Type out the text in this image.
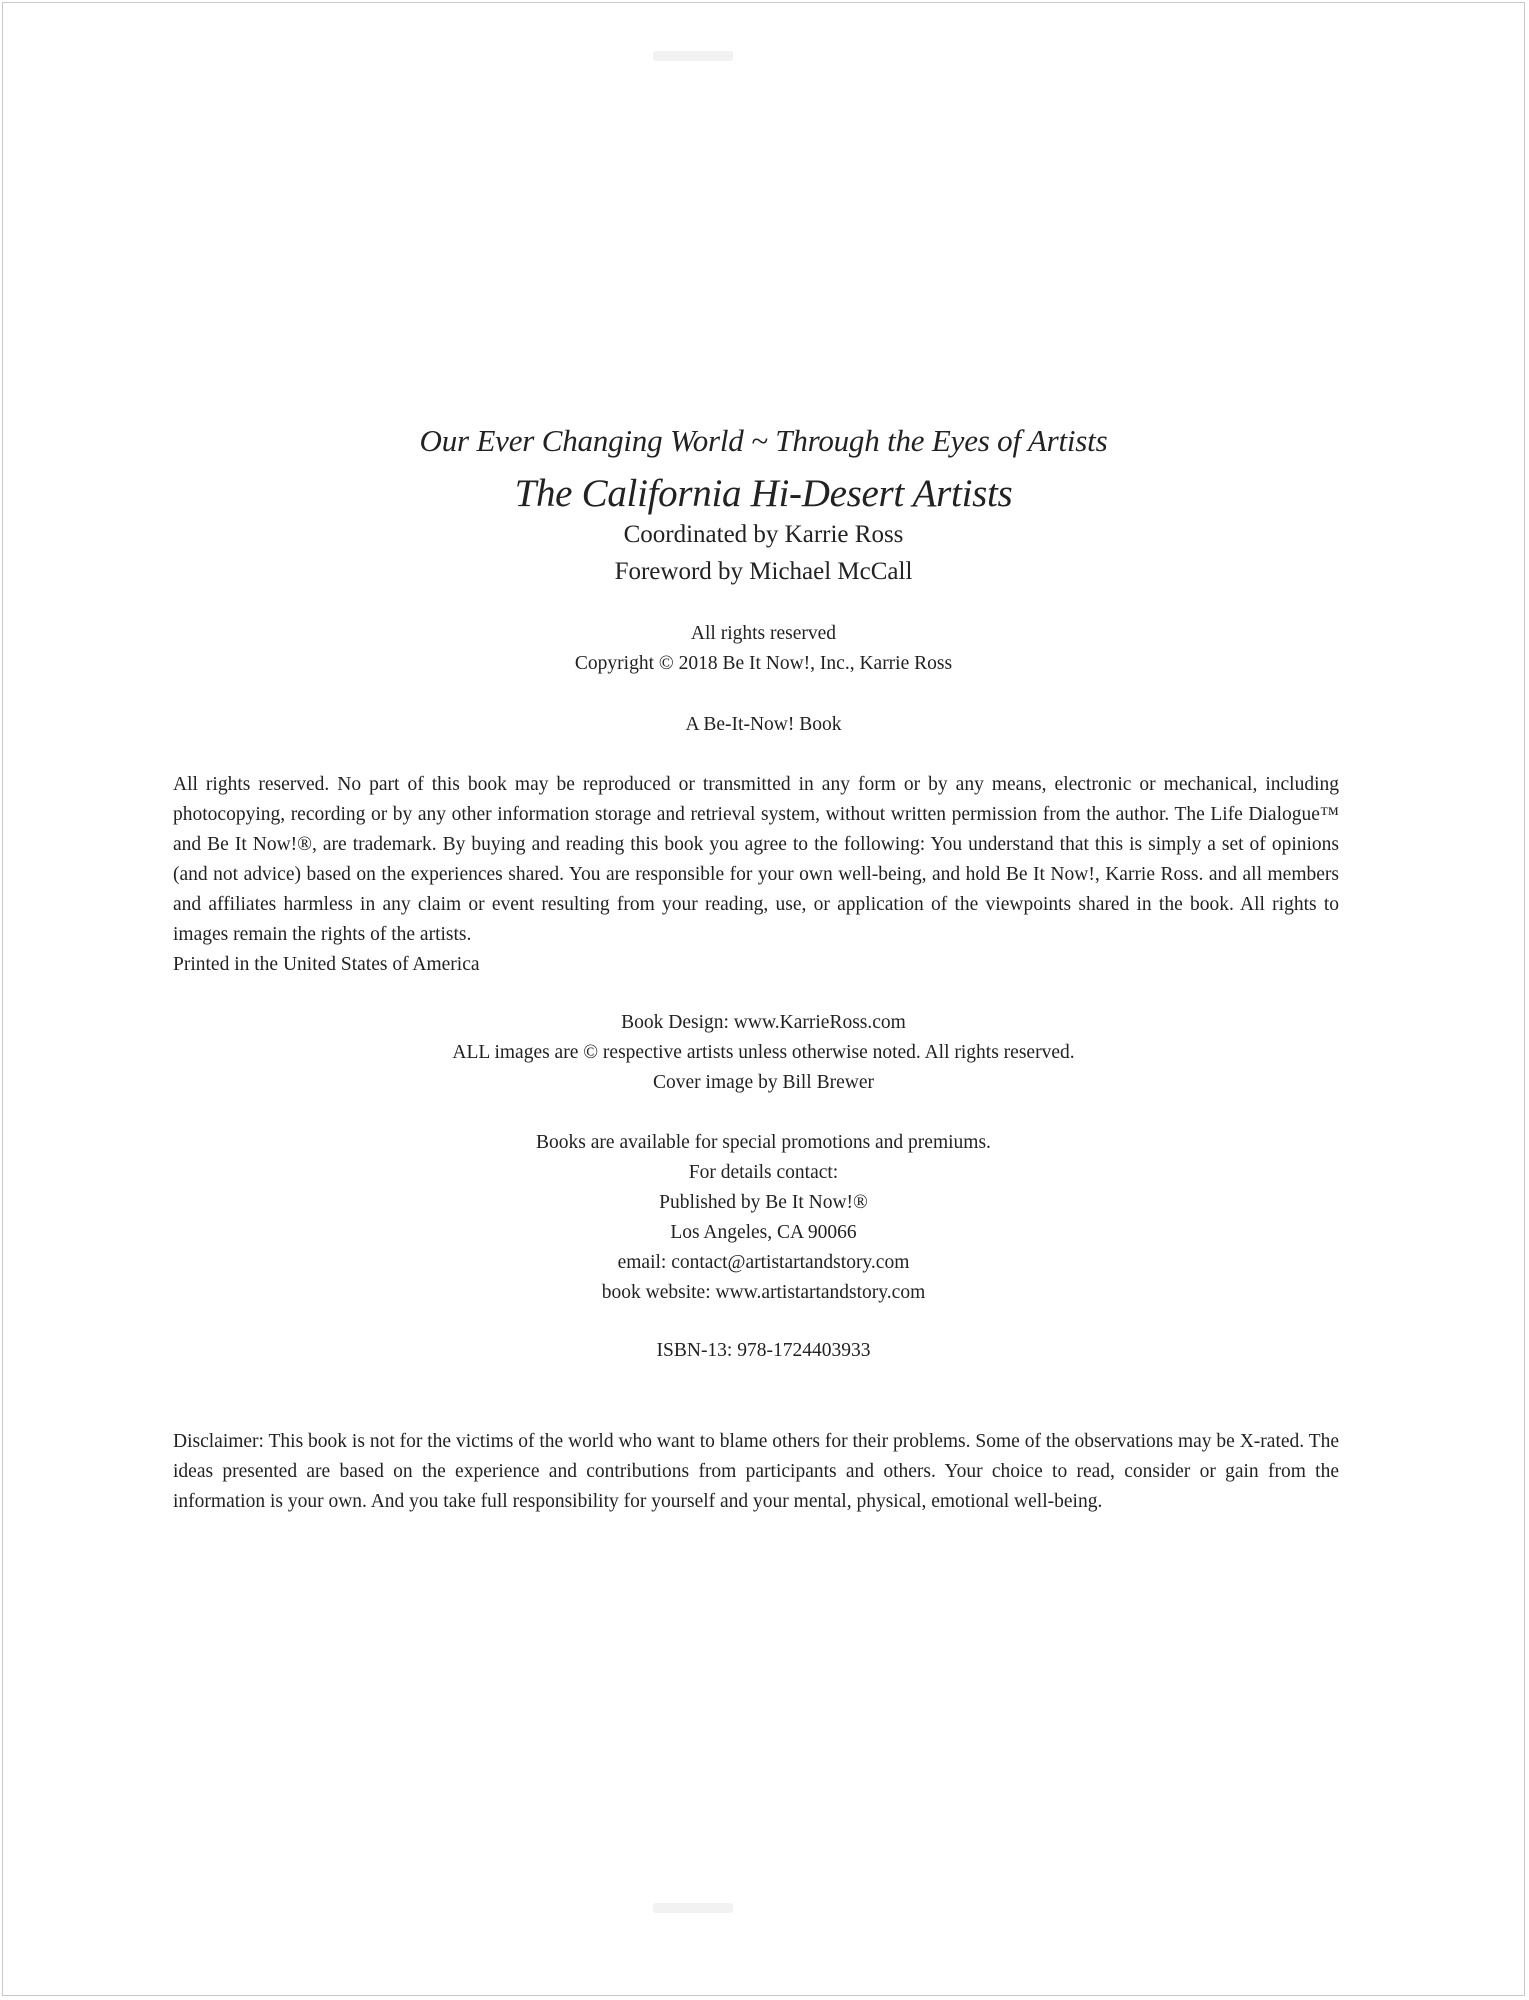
Our Ever Changing World ~ Through the Eyes of Artists
The California Hi-Desert Artists
Coordinated by Karrie Ross
Foreword by Michael McCall
All rights reserved
Copyright © 2018 Be It Now!, Inc., Karrie Ross
A Be-It-Now! Book
All rights reserved. No part of this book may be reproduced or transmitted in any form or by any means, electronic or mechanical, including photocopying, recording or by any other information storage and retrieval system, without written permission from the author. The Life Dialogue™ and Be It Now!®, are trademark. By buying and reading this book you agree to the following: You understand that this is simply a set of opinions (and not advice) based on the experiences shared. You are responsible for your own well-being, and hold Be It Now!, Karrie Ross. and all members and affiliates harmless in any claim or event resulting from your reading, use, or application of the viewpoints shared in the book. All rights to images remain the rights of the artists.
Printed in the United States of America
Book Design: www.KarrieRoss.com
ALL images are © respective artists unless otherwise noted. All rights reserved.
Cover image by Bill Brewer
Books are available for special promotions and premiums.
For details contact:
Published by Be It Now!®
Los Angeles, CA 90066
email: contact@artistartandstory.com
book website: www.artistartandstory.com
ISBN-13: 978-1724403933
Disclaimer: This book is not for the victims of the world who want to blame others for their problems. Some of the observations may be X-rated. The ideas presented are based on the experience and contributions from participants and others. Your choice to read, consider or gain from the information is your own. And you take full responsibility for yourself and your mental, physical, emotional well-being.
